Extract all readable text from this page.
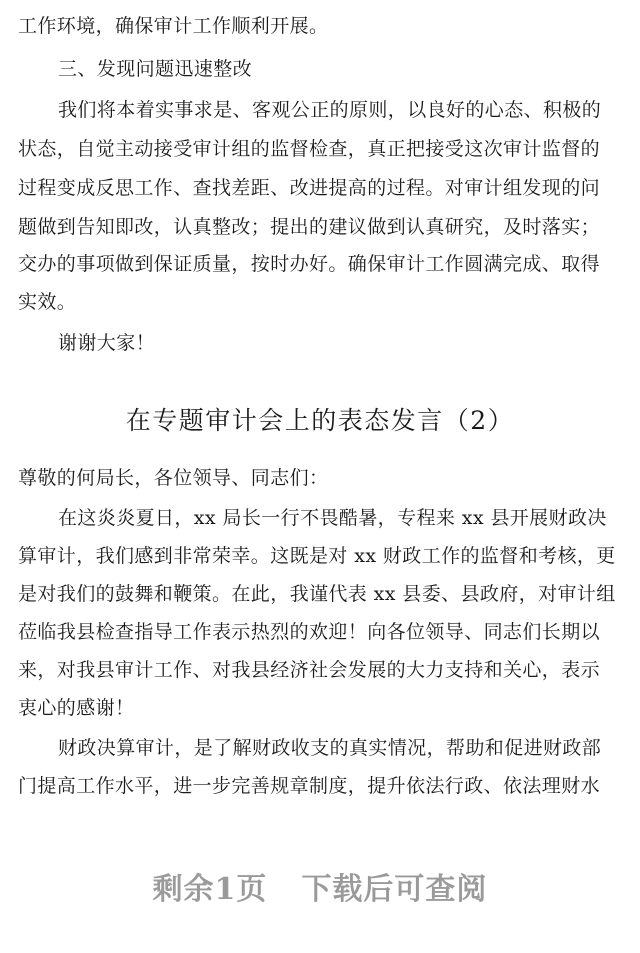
工作环境，确保审计工作顺利开展。
三、发现问题迅速整改
我们将本着实事求是、客观公正的原则，以良好的心态、积极的
状态，自觉主动接受审计组的监督检查，真正把接受这次审计监督的
过程变成反思工作、查找差距、改进提高的过程。对审计组发现的问
题做到告知即改，认真整改；提出的建议做到认真研究，及时落实；
交办的事项做到保证质量，按时办好。确保审计工作圆满完成、取得
实效。
谢谢大家！
在专题审计会上的表态发言（2）
尊敬的何局长，各位领导、同志们：
在这炎炎夏日，xx 局长一行不畏酷暑，专程来 xx 县开展财政决
算审计，我们感到非常荣幸。这既是对 xx 财政工作的监督和考核，更
是对我们的鼓舞和鞭策。在此，我谨代表 xx 县委、县政府，对审计组
莅临我县检查指导工作表示热烈的欢迎！向各位领导、同志们长期以
来，对我县审计工作、对我县经济社会发展的大力支持和关心，表示
衷心的感谢！
财政决算审计，是了解财政收支的真实情况，帮助和促进财政部
门提高工作水平，进一步完善规章制度，提升依法行政、依法理财水
剩余1页 下载后可查阅
